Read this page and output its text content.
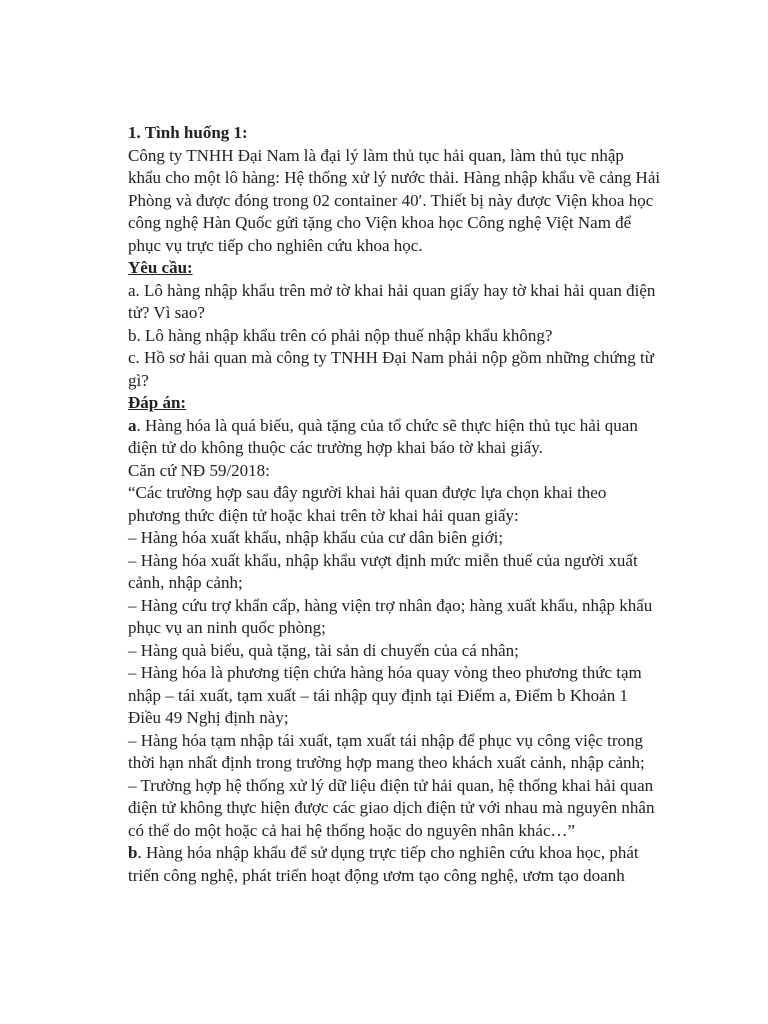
1. Tình huống 1:
Công ty TNHH Đại Nam là đại lý làm thủ tục hải quan, làm thủ tục nhập
khẩu cho một lô hàng: Hệ thống xử lý nước thải. Hàng nhập khẩu về cảng Hải
Phòng và được đóng trong 02 container 40′. Thiết bị này được Viện khoa học
công nghệ Hàn Quốc gửi tặng cho Viện khoa học Công nghệ Việt Nam để
phục vụ trực tiếp cho nghiên cứu khoa học.
Yêu cầu:
a. Lô hàng nhập khẩu trên mở tờ khai hải quan giấy hay tờ khai hải quan điện
tử? Vì sao?
b. Lô hàng nhập khẩu trên có phải nộp thuế nhập khẩu không?
c. Hồ sơ hải quan mà công ty TNHH Đại Nam phải nộp gồm những chứng từ
gì?
Đáp án:
a. Hàng hóa là quá biếu, quà tặng của tổ chức sẽ thực hiện thủ tục hải quan
điện tử do không thuộc các trường hợp khai báo tờ khai giấy.
Căn cứ NĐ 59/2018:
“Các trường hợp sau đây người khai hải quan được lựa chọn khai theo
phương thức điện tử hoặc khai trên tờ khai hải quan giấy:
– Hàng hóa xuất khẩu, nhập khẩu của cư dân biên giới;
– Hàng hóa xuất khẩu, nhập khẩu vượt định mức miễn thuế của người xuất
cảnh, nhập cảnh;
– Hàng cứu trợ khẩn cấp, hàng viện trợ nhân đạo; hàng xuất khẩu, nhập khẩu
phục vụ an ninh quốc phòng;
– Hàng quà biếu, quà tặng, tài sản di chuyển của cá nhân;
– Hàng hóa là phương tiện chứa hàng hóa quay vòng theo phương thức tạm
nhập – tái xuất, tạm xuất – tái nhập quy định tại Điểm a, Điểm b Khoản 1
Điều 49 Nghị định này;
– Hàng hóa tạm nhập tái xuất, tạm xuất tái nhập để phục vụ công việc trong
thời hạn nhất định trong trường hợp mang theo khách xuất cảnh, nhập cảnh;
– Trường hợp hệ thống xử lý dữ liệu điện tử hải quan, hệ thống khai hải quan
điện tử không thực hiện được các giao dịch điện tử với nhau mà nguyên nhân
có thể do một hoặc cả hai hệ thống hoặc do nguyên nhân khác…”
b. Hàng hóa nhập khẩu để sử dụng trực tiếp cho nghiên cứu khoa học, phát
triển công nghệ, phát triển hoạt động ươm tạo công nghệ, ươm tạo doanh
